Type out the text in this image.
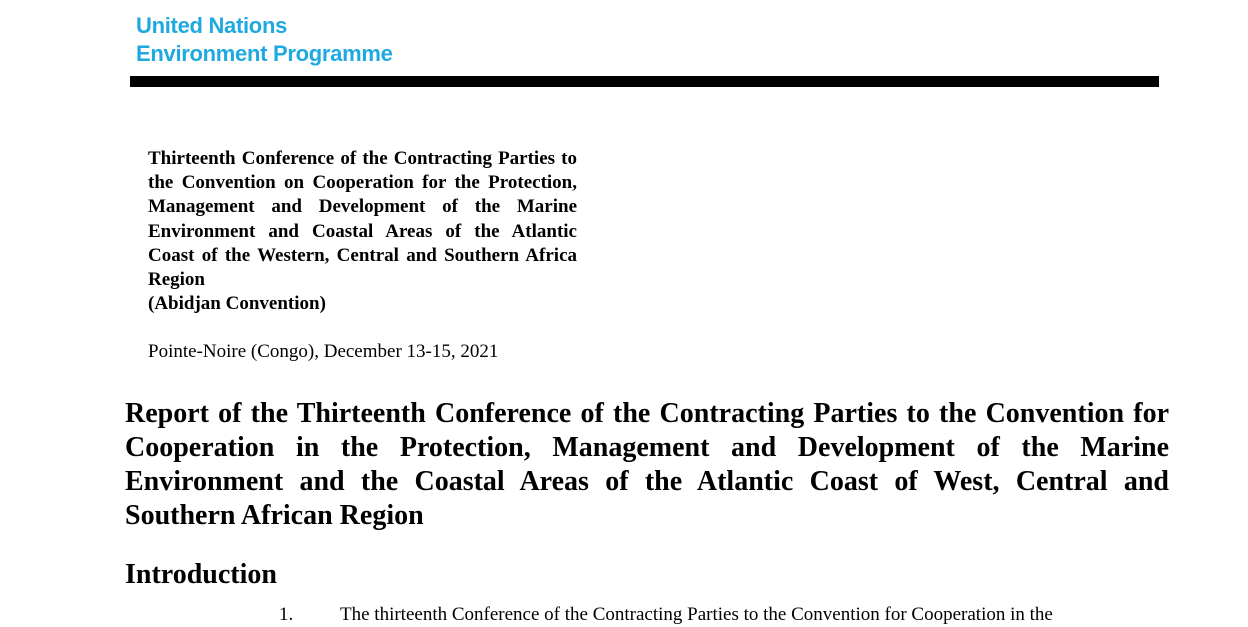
United Nations
Environment Programme
Thirteenth Conference of the Contracting Parties to the Convention on Cooperation for the Protection, Management and Development of the Marine Environment and Coastal Areas of the Atlantic Coast of the Western, Central and Southern Africa Region
(Abidjan Convention)
Pointe-Noire (Congo), December 13-15, 2021
Report of the Thirteenth Conference of the Contracting Parties to the Convention for Cooperation in the Protection, Management and Development of the Marine Environment and the Coastal Areas of the Atlantic Coast of West, Central and Southern African Region
Introduction
1. The thirteenth Conference of the Contracting Parties to the Convention for Cooperation in the
